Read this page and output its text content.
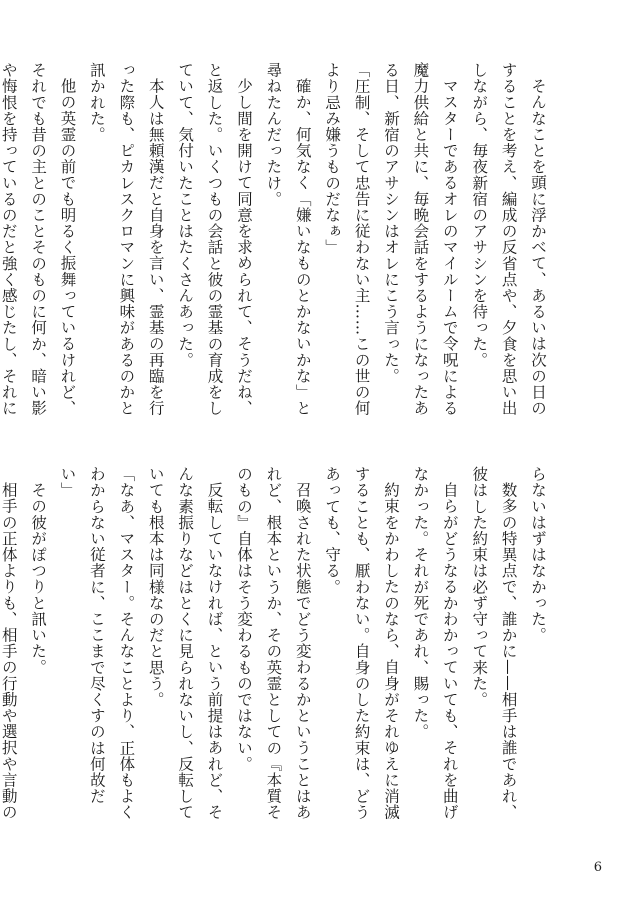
そんなことを頭に浮かべて、あるいは次の日のすることを考え、編成の反省点や、夕食を思い出しながら、毎夜新宿のアサシンを待った。

マスターであるオレのマイルームで令呪による魔力供給と共に、毎晩会話をするようになったある日、新宿のアサシンはオレにこう言った。

「圧制、そして忠告に従わない主……この世の何より忌み嫌うものだなぁ」

確か、何気なく「嫌いなものとかないかな」と尋ねたんだったけ。

少し間を開けて同意を求められて、そうだね、と返した。いくつもの会話と彼の霊基の育成をしていて、気付いたことはたくさんあった。

本人は無頼漢だと自身を言い、霊基の再臨を行った際も、ピカレスクロマンに興味があるのかと訊かれた。

他の英霊の前でも明るく振舞っているけれど、それでも昔の主とのことそのものに何か、暗い影や悔恨を持っているのだと強く感じたし、それに

らないはずはなかった。

数多の特異点で、誰かに——相手は誰であれ、彼はした約束は必ず守って来た。

自らがどうなるかわかっていても、それを曲げなかった。それが死であれ、賜った。

約束をかわしたのなら、自身がそれゆえに消滅することも、厭わない。自身のした約束は、どうあっても、守る。

召喚された状態でどう変わるかということはあれど、根本というか、その英霊としての『本質そのもの』自体はそう変わるものではない。

反転していなければ、という前提はあれど、そんな素振りなどはとくに見られないし、反転していても根本は同様なのだと思う。

「なあ、マスター。そんなことより、正体もよくわからない従者に、ここまで尽くすのは何故だい」

その彼がぽつりと訊いた。

相手の正体よりも、相手の行動や選択や言動の

6
